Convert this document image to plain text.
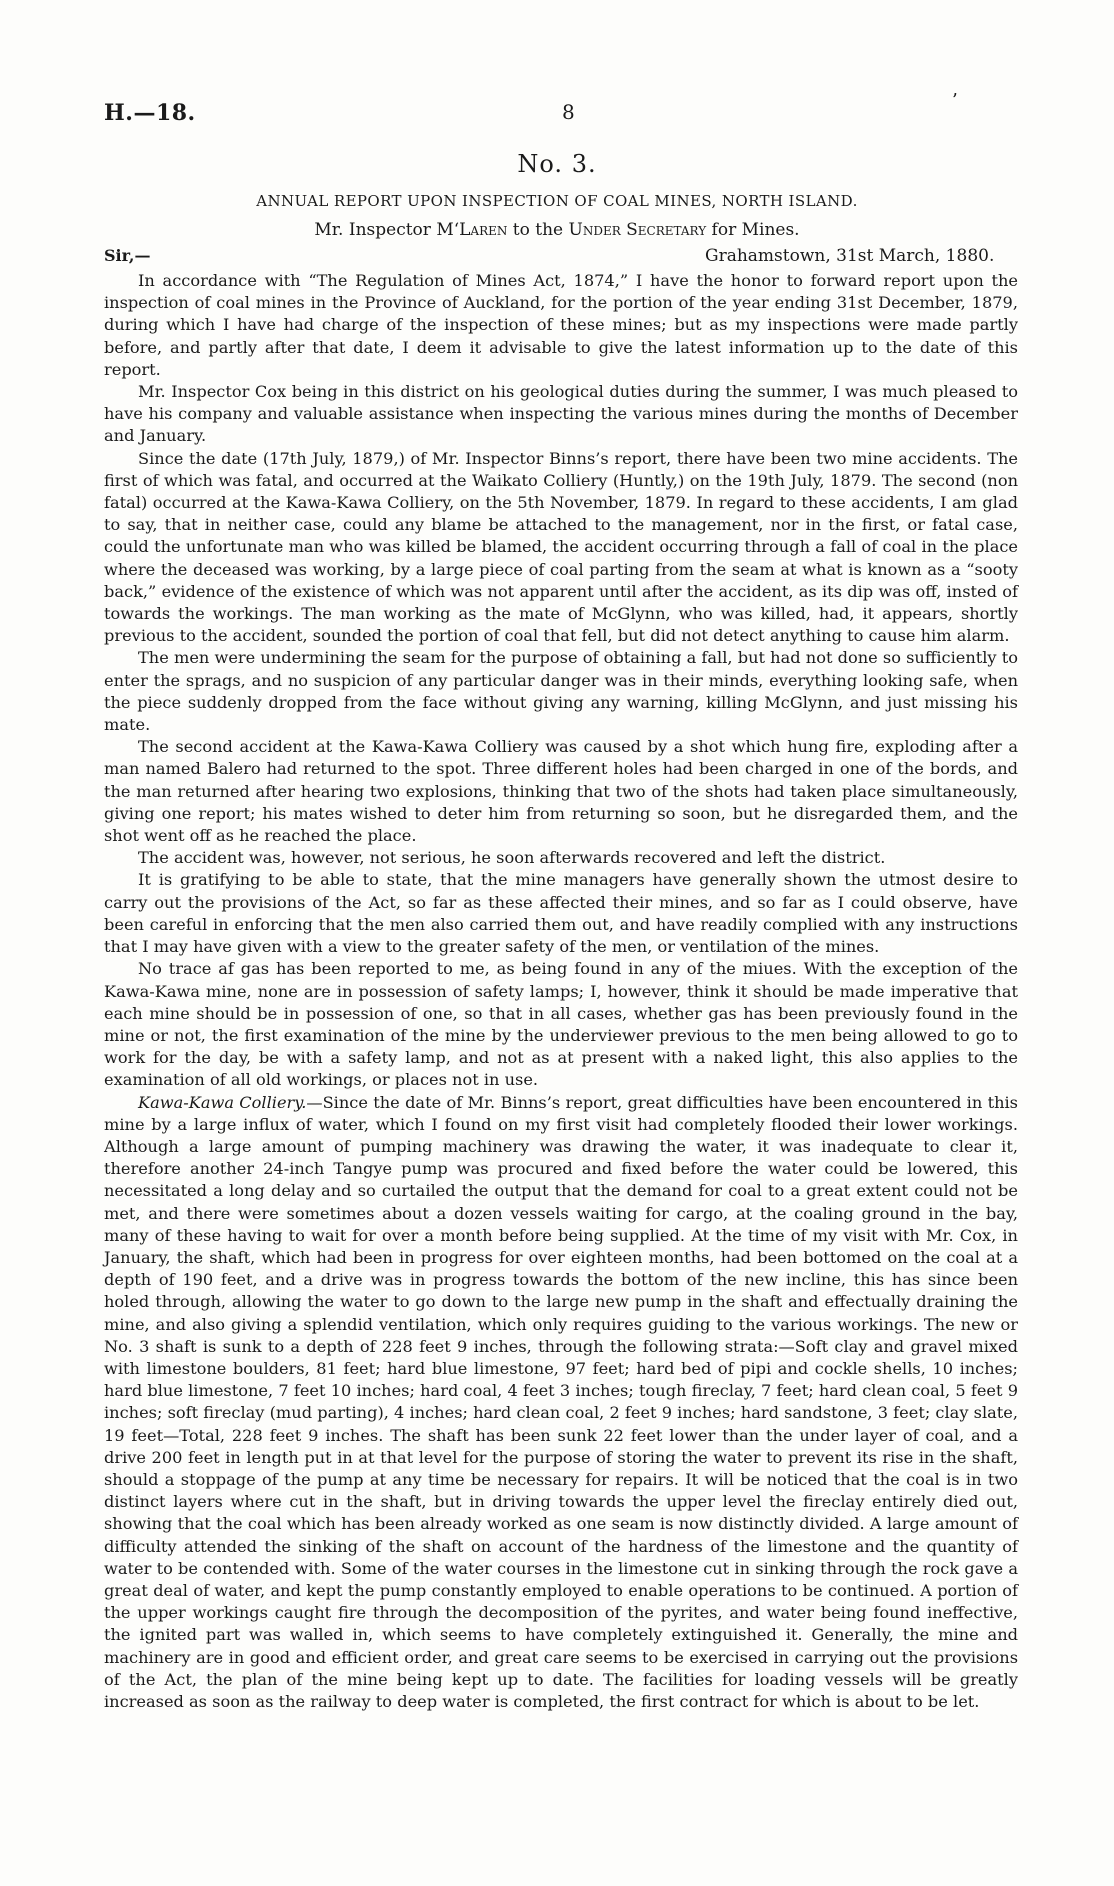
H.—18.	8	’
No. 3.
ANNUAL REPORT UPON INSPECTION OF COAL MINES, NORTH ISLAND.
Mr. Inspector M‘Laren to the Under Secretary for Mines.
Sir,—	Grahamstown, 31st March, 1880.

In accordance with “The Regulation of Mines Act, 1874,” I have the honor to forward report upon the inspection of coal mines in the Province of Auckland, for the portion of the year ending 31st December, 1879, during which I have had charge of the inspection of these mines; but as my inspections were made partly before, and partly after that date, I deem it advisable to give the latest information up to the date of this report.

Mr. Inspector Cox being in this district on his geological duties during the summer, I was much pleased to have his company and valuable assistance when inspecting the various mines during the months of December and January.

Since the date (17th July, 1879,) of Mr. Inspector Binns’s report, there have been two mine accidents. The first of which was fatal, and occurred at the Waikato Colliery (Huntly,) on the 19th July, 1879. The second (non fatal) occurred at the Kawa-Kawa Colliery, on the 5th November, 1879. In regard to these accidents, I am glad to say, that in neither case, could any blame be attached to the management, nor in the first, or fatal case, could the unfortunate man who was killed be blamed, the accident occurring through a fall of coal in the place where the deceased was working, by a large piece of coal parting from the seam at what is known as a “sooty back,” evidence of the existence of which was not apparent until after the accident, as its dip was off, insted of towards the workings. The man working as the mate of McGlynn, who was killed, had, it appears, shortly previous to the accident, sounded the portion of coal that fell, but did not detect anything to cause him alarm.

The men were undermining the seam for the purpose of obtaining a fall, but had not done so sufficiently to enter the sprags, and no suspicion of any particular danger was in their minds, everything looking safe, when the piece suddenly dropped from the face without giving any warning, killing McGlynn, and just missing his mate.

The second accident at the Kawa-Kawa Colliery was caused by a shot which hung fire, exploding after a man named Balero had returned to the spot. Three different holes had been charged in one of the bords, and the man returned after hearing two explosions, thinking that two of the shots had taken place simultaneously, giving one report; his mates wished to deter him from returning so soon, but he disregarded them, and the shot went off as he reached the place.

The accident was, however, not serious, he soon afterwards recovered and left the district.

It is gratifying to be able to state, that the mine managers have generally shown the utmost desire to carry out the provisions of the Act, so far as these affected their mines, and so far as I could observe, have been careful in enforcing that the men also carried them out, and have readily complied with any instructions that I may have given with a view to the greater safety of the men, or ventilation of the mines.

No trace af gas has been reported to me, as being found in any of the miues. With the exception of the Kawa-Kawa mine, none are in possession of safety lamps; I, however, think it should be made imperative that each mine should be in possession of one, so that in all cases, whether gas has been previously found in the mine or not, the first examination of the mine by the underviewer previous to the men being allowed to go to work for the day, be with a safety lamp, and not as at present with a naked light, this also applies to the examination of all old workings, or places not in use.

Kawa-Kawa Colliery.—Since the date of Mr. Binns’s report, great difficulties have been encountered in this mine by a large influx of water, which I found on my first visit had completely flooded their lower workings. Although a large amount of pumping machinery was drawing the water, it was inadequate to clear it, therefore another 24-inch Tangye pump was procured and fixed before the water could be lowered, this necessitated a long delay and so curtailed the output that the demand for coal to a great extent could not be met, and there were sometimes about a dozen vessels waiting for cargo, at the coaling ground in the bay, many of these having to wait for over a month before being supplied. At the time of my visit with Mr. Cox, in January, the shaft, which had been in progress for over eighteen months, had been bottomed on the coal at a depth of 190 feet, and a drive was in progress towards the bottom of the new incline, this has since been holed through, allowing the water to go down to the large new pump in the shaft and effectually draining the mine, and also giving a splendid ventilation, which only requires guiding to the various workings. The new or No. 3 shaft is sunk to a depth of 228 feet 9 inches, through the following strata:—Soft clay and gravel mixed with limestone boulders, 81 feet; hard blue limestone, 97 feet; hard bed of pipi and cockle shells, 10 inches; hard blue limestone, 7 feet 10 inches; hard coal, 4 feet 3 inches; tough fireclay, 7 feet; hard clean coal, 5 feet 9 inches; soft fireclay (mud parting), 4 inches; hard clean coal, 2 feet 9 inches; hard sandstone, 3 feet; clay slate, 19 feet—Total, 228 feet 9 inches. The shaft has been sunk 22 feet lower than the under layer of coal, and a drive 200 feet in length put in at that level for the purpose of storing the water to prevent its rise in the shaft, should a stoppage of the pump at any time be necessary for repairs. It will be noticed that the coal is in two distinct layers where cut in the shaft, but in driving towards the upper level the fireclay entirely died out, showing that the coal which has been already worked as one seam is now distinctly divided. A large amount of difficulty attended the sinking of the shaft on account of the hardness of the limestone and the quantity of water to be contended with. Some of the water courses in the limestone cut in sinking through the rock gave a great deal of water, and kept the pump constantly employed to enable operations to be continued. A portion of the upper workings caught fire through the decomposition of the pyrites, and water being found ineffective, the ignited part was walled in, which seems to have completely extinguished it. Generally, the mine and machinery are in good and efficient order, and great care seems to be exercised in carrying out the provisions of the Act, the plan of the mine being kept up to date. The facilities for loading vessels will be greatly increased as soon as the railway to deep water is completed, the first contract for which is about to be let.
